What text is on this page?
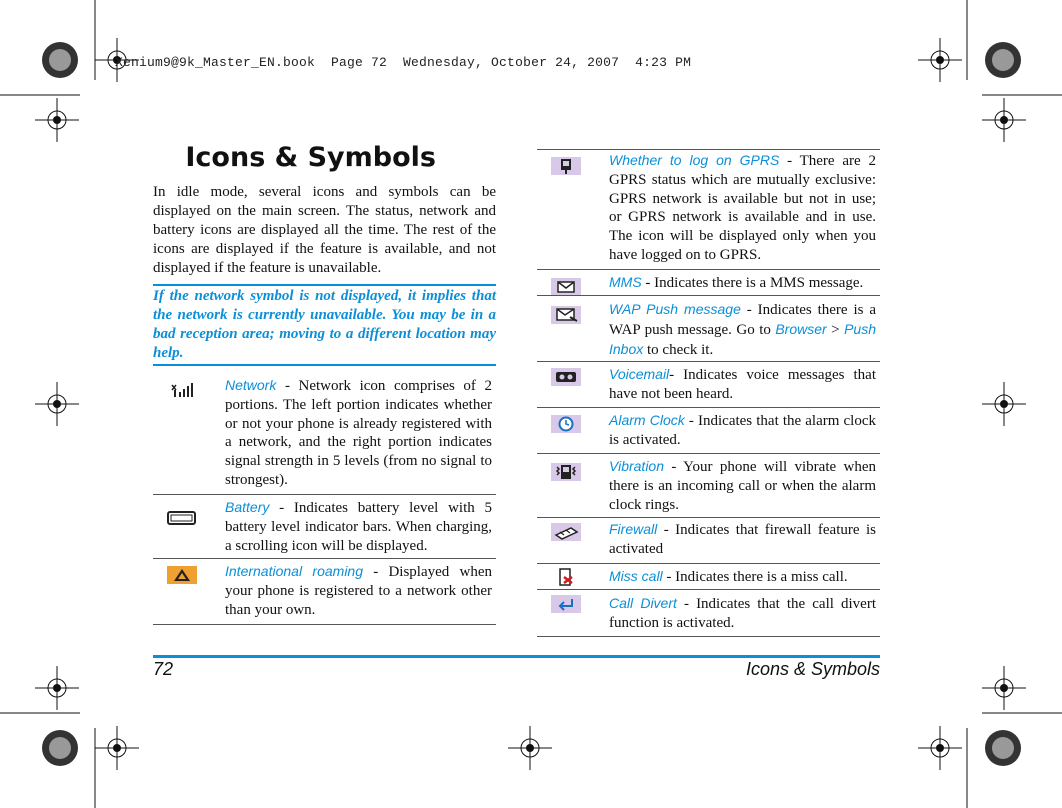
Xenium9@9k_Master_EN.book  Page 72  Wednesday, October 24, 2007  4:23 PM
Icons & Symbols
In idle mode, several icons and symbols can be displayed on the main screen. The status, network and battery icons are displayed all the time. The rest of the icons are displayed if the feature is available, and not displayed if the feature is unavailable.
If the network symbol is not displayed, it implies that the network is currently unavailable. You may be in a bad reception area; moving to a different location may help.
Network - Network icon comprises of 2 portions. The left portion indicates whether or not your phone is already registered with a network, and the right portion indicates signal strength in 5 levels (from no signal to strongest).
Battery - Indicates battery level with 5 battery level indicator bars. When charging, a scrolling icon will be displayed.
International roaming - Displayed when your phone is registered to a network other than your own.
Whether to log on GPRS - There are 2 GPRS status which are mutually exclusive: GPRS network is available but not in use; or GPRS network is available and in use. The icon will be displayed only when you have logged on to GPRS.
MMS - Indicates there is a MMS message.
WAP Push message - Indicates there is a WAP push message. Go to Browser > Push Inbox to check it.
Voicemail- Indicates voice messages that have not been heard.
Alarm Clock - Indicates that the alarm clock is activated.
Vibration - Your phone will vibrate when there is an incoming call or when the alarm clock rings.
Firewall - Indicates that firewall feature is activated
Miss call - Indicates there is a miss call.
Call Divert - Indicates that the call divert function is activated.
72	Icons & Symbols
